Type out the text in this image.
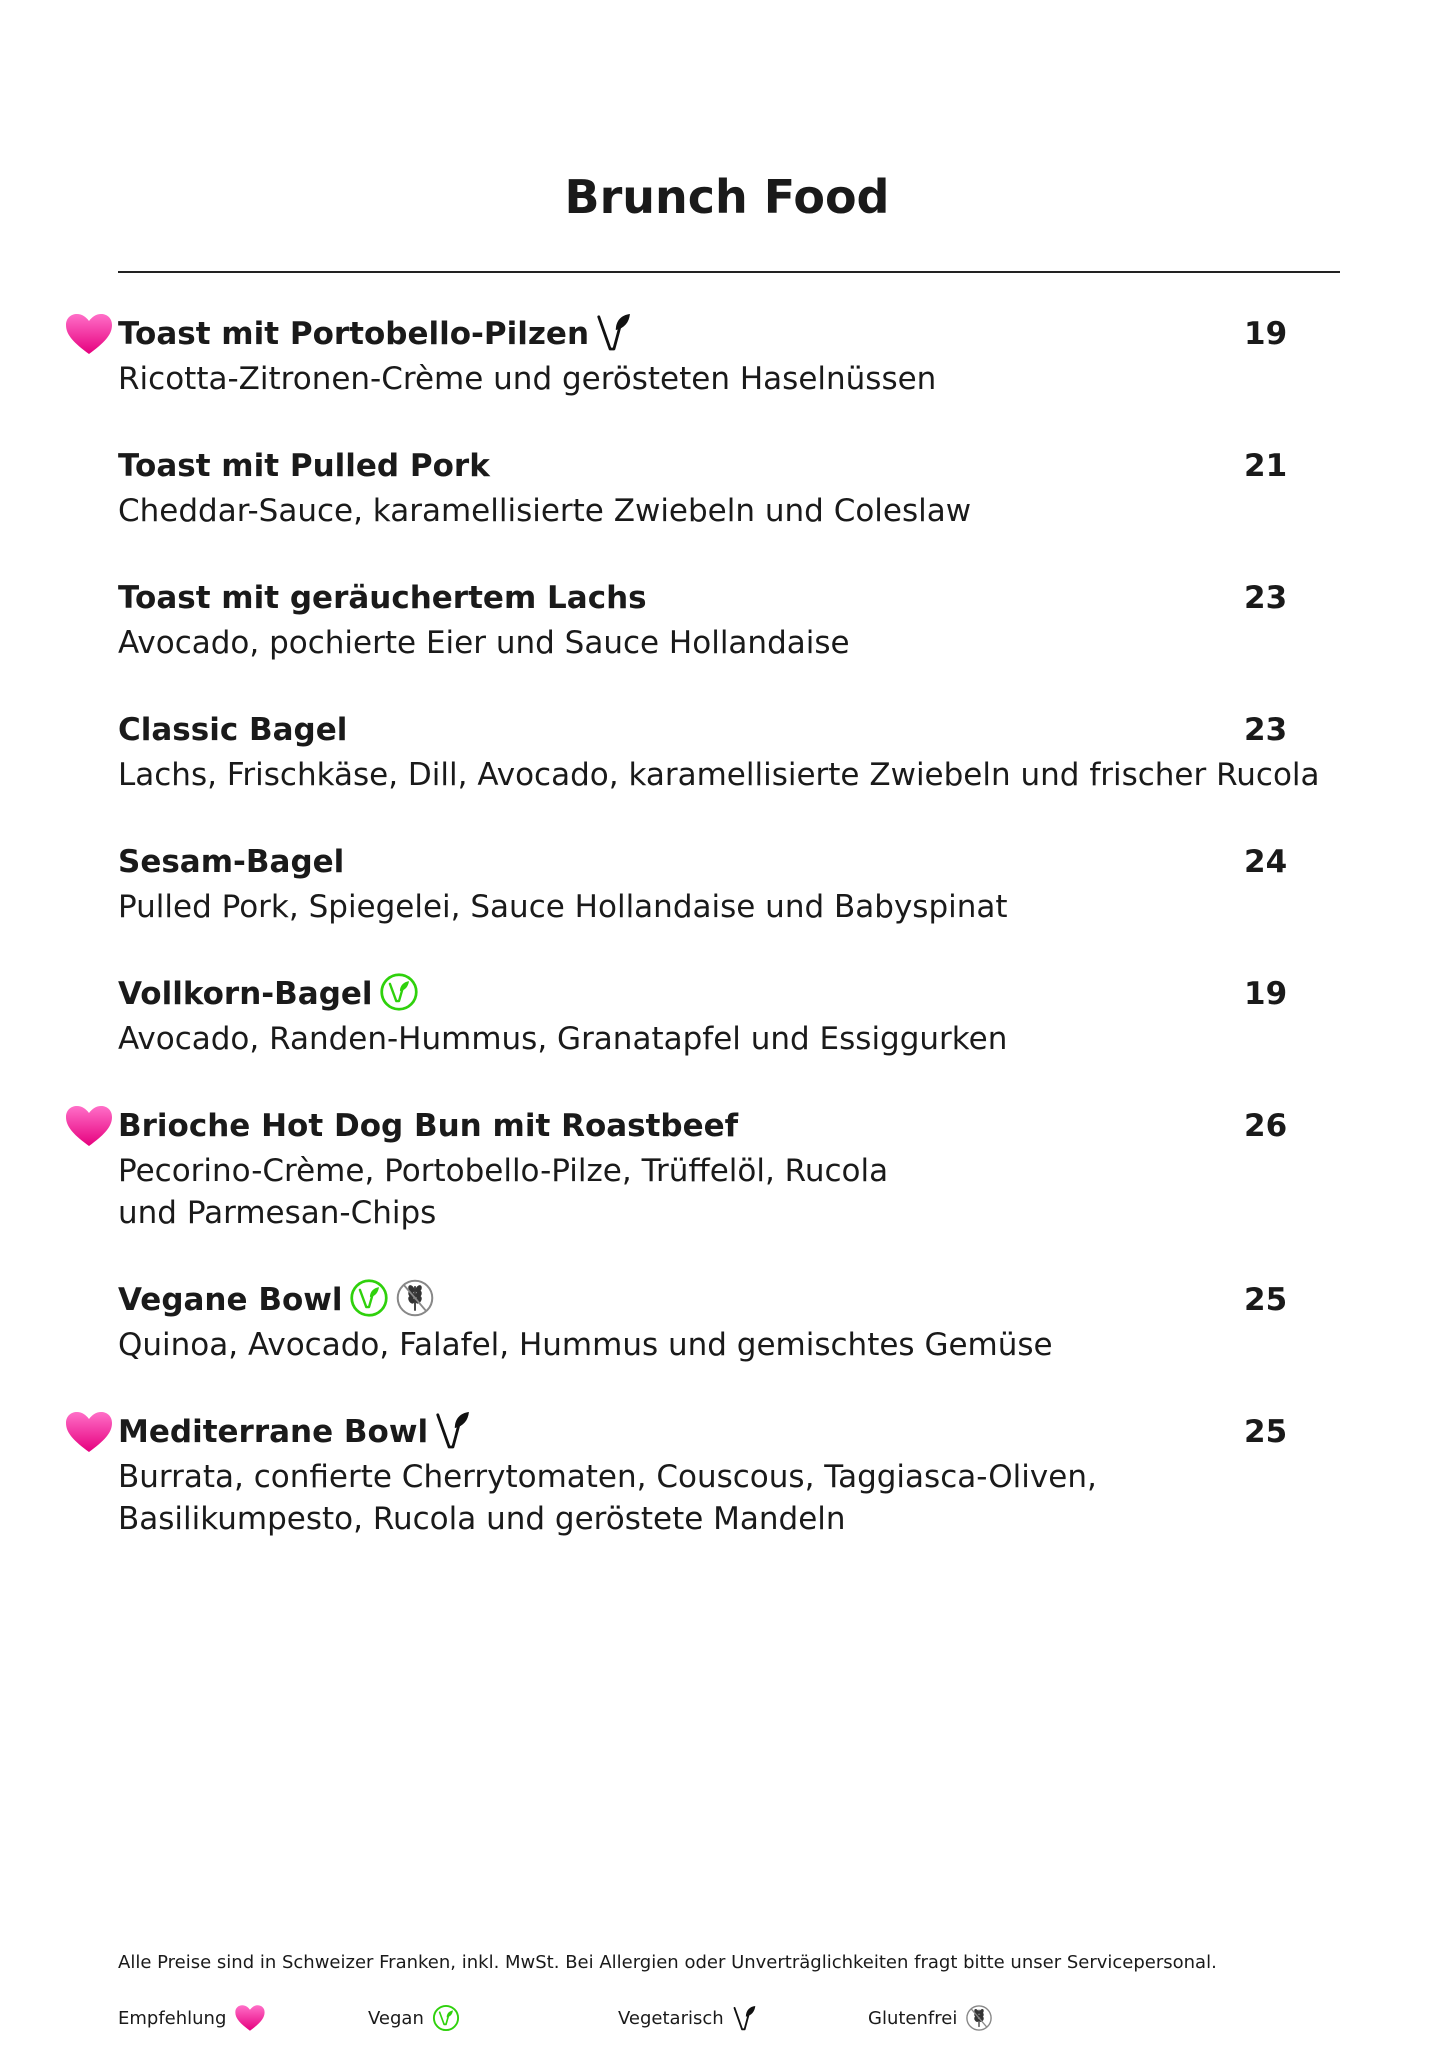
Brunch Food
Toast mit Portobello-Pilzen	19
Ricotta-Zitronen-Crème und gerösteten Haselnüssen
Toast mit Pulled Pork	21
Cheddar-Sauce, karamellisierte Zwiebeln und Coleslaw
Toast mit geräuchertem Lachs	23
Avocado, pochierte Eier und Sauce Hollandaise
Classic Bagel	23
Lachs, Frischkäse, Dill, Avocado, karamellisierte Zwiebeln und frischer Rucola
Sesam-Bagel	24
Pulled Pork, Spiegelei, Sauce Hollandaise und Babyspinat
Vollkorn-Bagel	19
Avocado, Randen-Hummus, Granatapfel und Essiggurken
Brioche Hot Dog Bun mit Roastbeef	26
Pecorino-Crème, Portobello-Pilze, Trüffelöl, Rucola
und Parmesan-Chips
Vegane Bowl	25
Quinoa, Avocado, Falafel, Hummus und gemischtes Gemüse
Mediterrane Bowl	25
Burrata, confierte Cherrytomaten, Couscous, Taggiasca-Oliven,
Basilikumpesto, Rucola und geröstete Mandeln
Alle Preise sind in Schweizer Franken, inkl. MwSt. Bei Allergien oder Unverträglichkeiten fragt bitte unser Servicepersonal.
Empfehlung	Vegan	Vegetarisch	Glutenfrei
